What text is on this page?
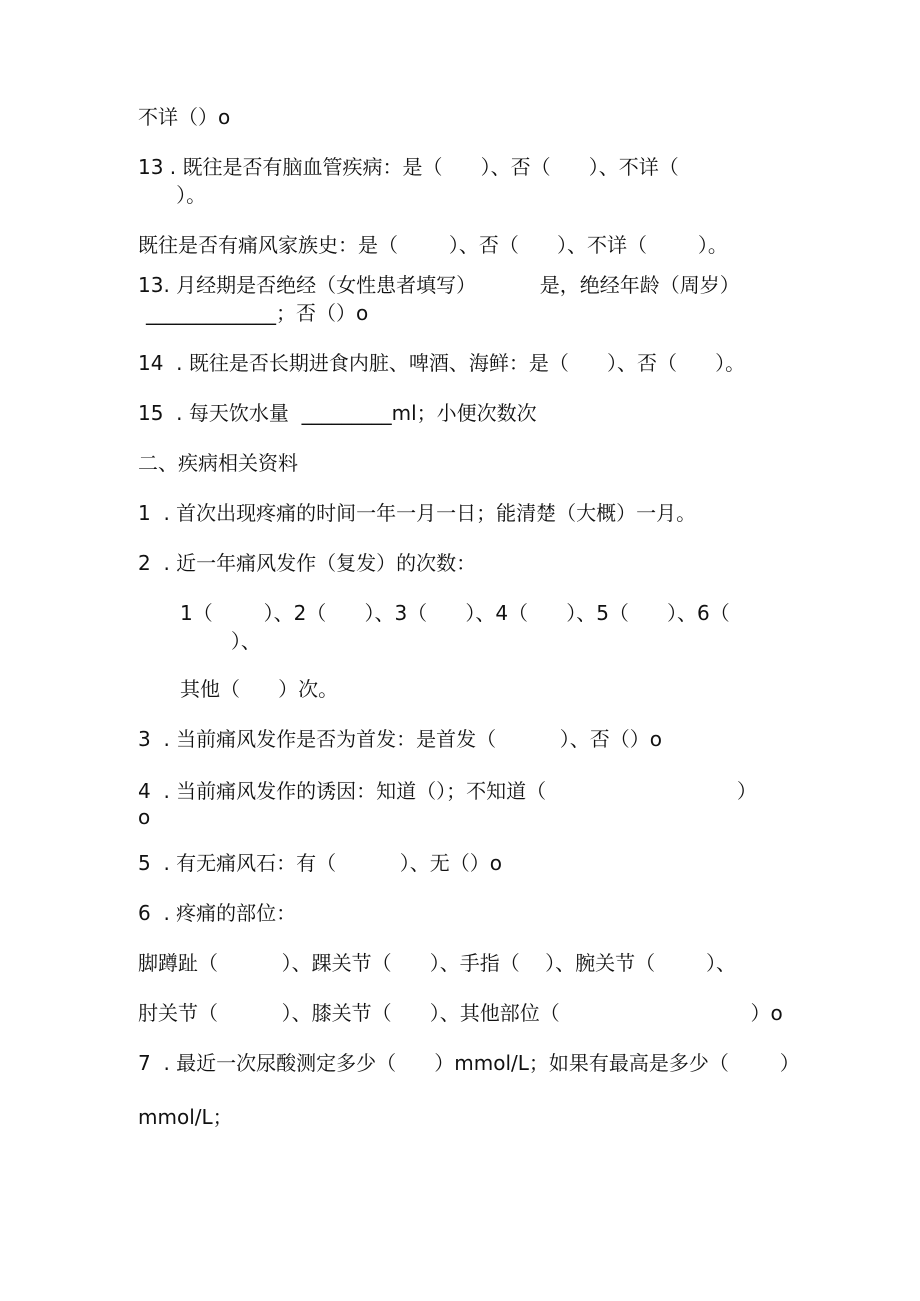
不详（）o
13 . 既往是否有脑血管疾病：是（      ）、否（      ）、不详（
）。
既往是否有痛风家族史：是（        ）、否（      ）、不详（        ）。
13. 月经期是否绝经（女性患者填写）          是，绝经年龄（周岁）
_____________；否（）o
14  . 既往是否长期进食内脏、啤酒、海鲜：是（      ）、否（      ）。
15  . 每天饮水量  _________ml；小便次数次
二、疾病相关资料
1  . 首次出现疼痛的时间一年一月一日；能清楚（大概）一月。
2  . 近一年痛风发作（复发）的次数：
1（        ）、2（      ）、3（      ）、4（      ）、5（      ）、6（
）、
其他（      ）次。
3  . 当前痛风发作是否为首发：是首发（          ）、否（）o
4  . 当前痛风发作的诱因：知道（）；不知道（                              ）
o
5  . 有无痛风石：有（          ）、无（）o
6  . 疼痛的部位：
脚蹲趾（          ）、踝关节（      ）、手指（    ）、腕关节（        ）、
肘关节（          ）、膝关节（      ）、其他部位（                              ）o
7  . 最近一次尿酸测定多少（      ）mmol/L；如果有最高是多少（        ）
mmol/L；
